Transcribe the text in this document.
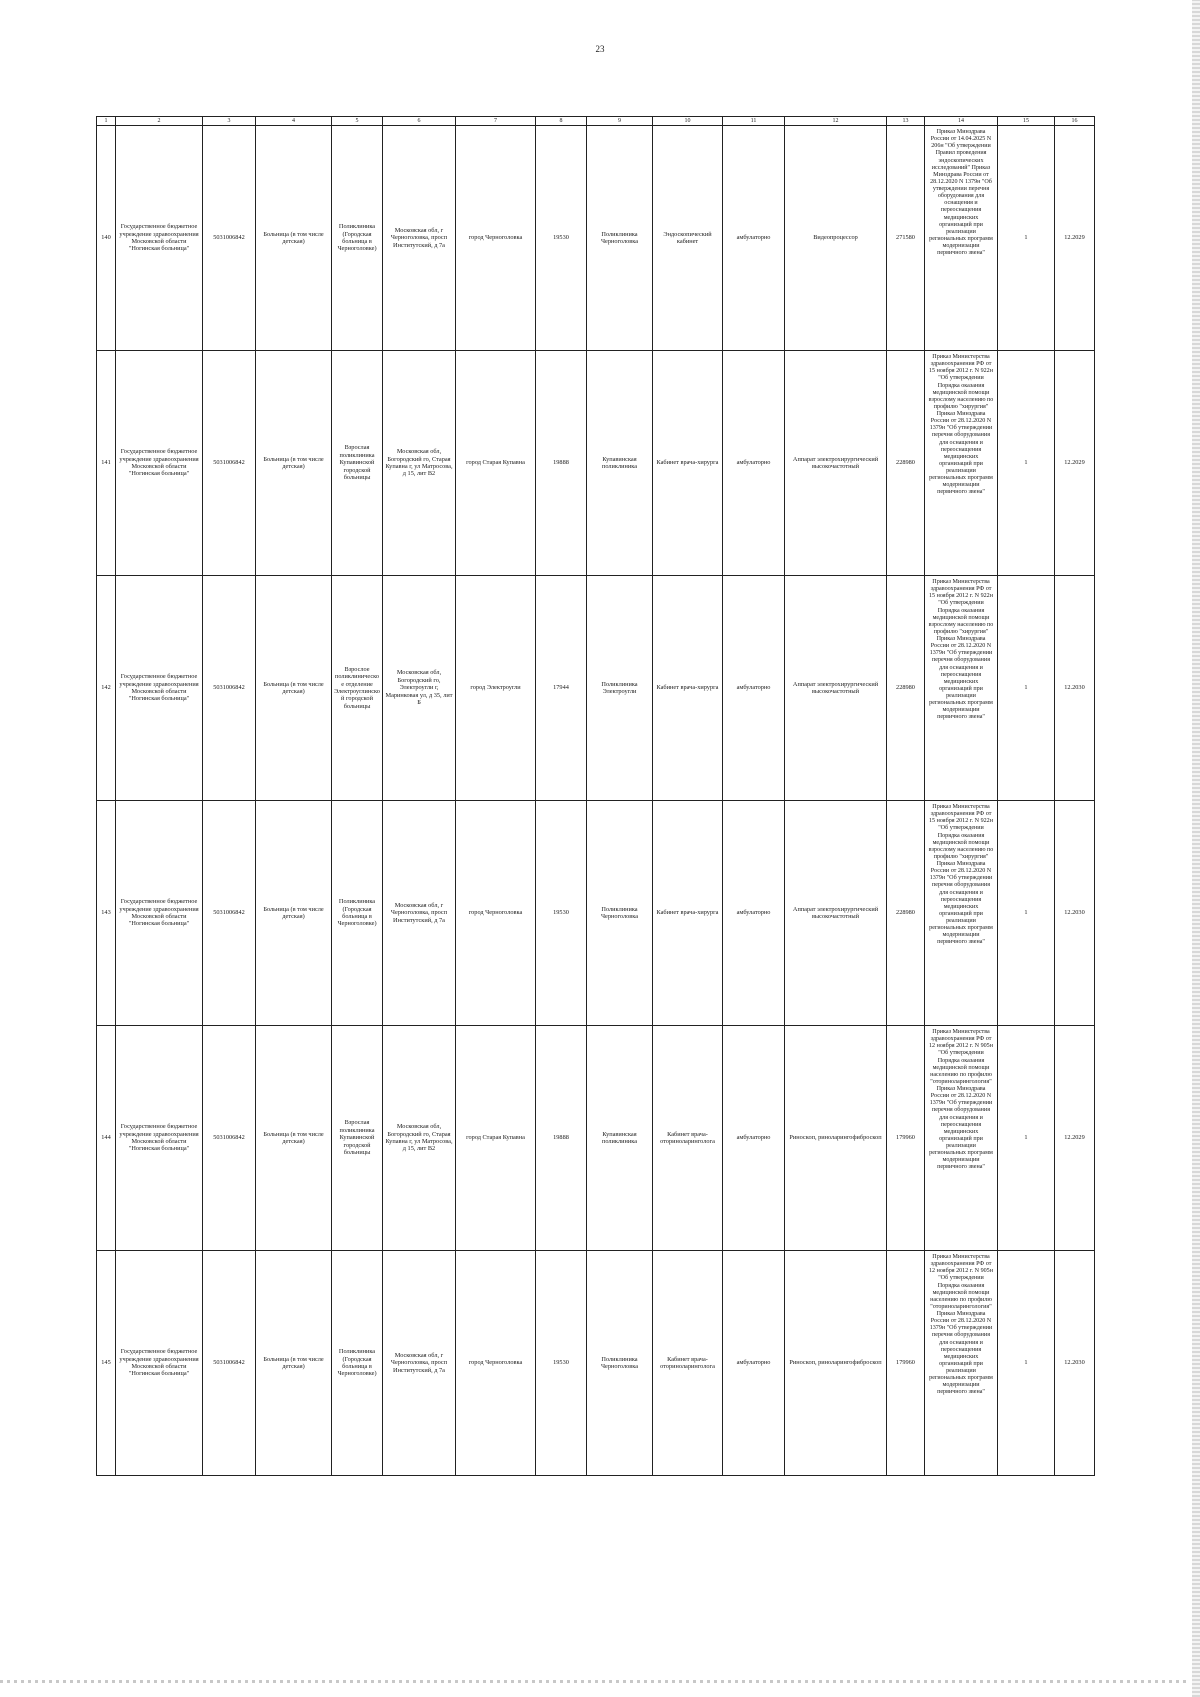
23
1	2	3	4	5	6	7	8	9	10	11	12	13	14	15	16
140	Государственное бюджетное учреждение здравоохранения Московской области "Ногинская больница"	5031006842	Больница (в том числе детская)	Поликлиника (Городская больница в Черноголовке)	Московская обл, г Черноголовка, просп Институтский, д 7а	город Черноголовка	19530	Поликлиника Черноголовка	Эндоскопический кабинет	амбулаторно	Видеопроцессор	271580	Приказ Минздрава России от 14.04.2025 N 206н "Об утверждении Правил проведения эндоскопических исследований" Приказ Минздрава России от 28.12.2020 N 1379н "Об утверждении перечня оборудования для оснащения и переоснащения медицинских организаций при реализации региональных программ модернизации первичного звена"	1	12.2029
141	Государственное бюджетное учреждение здравоохранения Московской области "Ногинская больница"	5031006842	Больница (в том числе детская)	Взрослая поликлиника Купавинской городской больницы	Московская обл, Богородский го, Старая Купавна г, ул Матросова, д 15, лит В2	город Старая Купавна	19888	Купавинская поликлиника	Кабинет врача-хирурга	амбулаторно	Аппарат электрохирургический высокочастотный	228980	Приказ Министерства здравоохранения РФ от 15 ноября 2012 г. N 922н "Об утверждении Порядка оказания медицинской помощи взрослому населению по профилю "хирургия" Приказ Минздрава России от 28.12.2020 N 1379н "Об утверждении перечня оборудования для оснащения и переоснащения медицинских организаций при реализации региональных программ модернизации первичного звена"	1	12.2029
142	Государственное бюджетное учреждение здравоохранения Московской области "Ногинская больница"	5031006842	Больница (в том числе детская)	Взрослое поликлиническое отделение Электроуглинской городской больницы	Московская обл, Богородский го, Электроугли г, Маринковая ул, д 35, лит Б	город Электроугли	17944	Поликлиника Электроугли	Кабинет врача-хирурга	амбулаторно	Аппарат электрохирургический высокочастотный	228980	Приказ Министерства здравоохранения РФ от 15 ноября 2012 г. N 922н "Об утверждении Порядка оказания медицинской помощи взрослому населению по профилю "хирургия" Приказ Минздрава России от 28.12.2020 N 1379н "Об утверждении перечня оборудования для оснащения и переоснащения медицинских организаций при реализации региональных программ модернизации первичного звена"	1	12.2030
143	Государственное бюджетное учреждение здравоохранения Московской области "Ногинская больница"	5031006842	Больница (в том числе детская)	Поликлиника (Городская больница в Черноголовке)	Московская обл, г Черноголовка, просп Институтский, д 7а	город Черноголовка	19530	Поликлиника Черноголовка	Кабинет врача-хирурга	амбулаторно	Аппарат электрохирургический высокочастотный	228980	Приказ Министерства здравоохранения РФ от 15 ноября 2012 г. N 922н "Об утверждении Порядка оказания медицинской помощи взрослому населению по профилю "хирургия" Приказ Минздрава России от 28.12.2020 N 1379н "Об утверждении перечня оборудования для оснащения и переоснащения медицинских организаций при реализации региональных программ модернизации первичного звена"	1	12.2030
144	Государственное бюджетное учреждение здравоохранения Московской области "Ногинская больница"	5031006842	Больница (в том числе детская)	Взрослая поликлиника Купавинской городской больницы	Московская обл, Богородский го, Старая Купавна г, ул Матросова, д 15, лит В2	город Старая Купавна	19888	Купавинская поликлиника	Кабинет врача-оториноларинголога	амбулаторно	Риноскоп, риноларингофиброскоп	179960	Приказ Министерства здравоохранения РФ от 12 ноября 2012 г. N 905н "Об утверждении Порядка оказания медицинской помощи населению по профилю "оториноларингология" Приказ Минздрава России от 28.12.2020 N 1379н "Об утверждении перечня оборудования для оснащения и переоснащения медицинских организаций при реализации региональных программ модернизации первичного звена"	1	12.2029
145	Государственное бюджетное учреждение здравоохранения Московской области "Ногинская больница"	5031006842	Больница (в том числе детская)	Поликлиника (Городская больница в Черноголовке)	Московская обл, г Черноголовка, просп Институтский, д 7а	город Черноголовка	19530	Поликлиника Черноголовка	Кабинет врача-оториноларинголога	амбулаторно	Риноскоп, риноларингофиброскоп	179960	Приказ Министерства здравоохранения РФ от 12 ноября 2012 г. N 905н "Об утверждении Порядка оказания медицинской помощи населению по профилю "оториноларингология" Приказ Минздрава России от 28.12.2020 N 1379н "Об утверждении перечня оборудования для оснащения и переоснащения медицинских организаций при реализации региональных программ модернизации первичного звена"	1	12.2030
